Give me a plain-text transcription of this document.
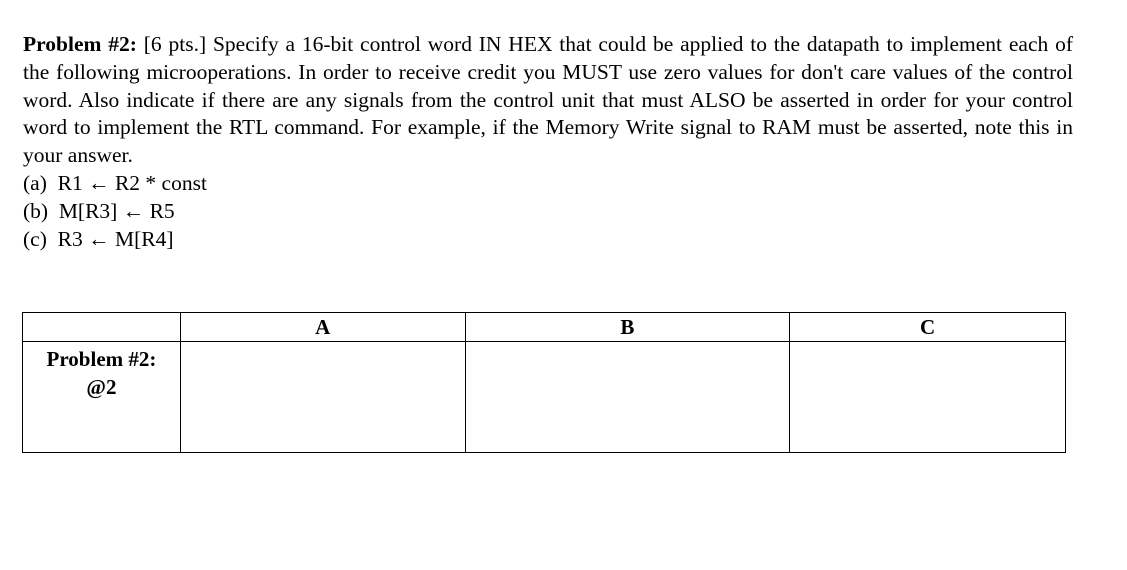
Problem #2: [6 pts.] Specify a 16-bit control word IN HEX that could be applied to the datapath to implement each of the following microoperations. In order to receive credit you MUST use zero values for don't care values of the control word. Also indicate if there are any signals from the control unit that must ALSO be asserted in order for your control word to implement the RTL command. For example, if the Memory Write signal to RAM must be asserted, note this in your answer.

(a)  R1 ← R2 * const
(b)  M[R3] ← R5
(c)  R3 ← M[R4]
	A	B	C

Problem #2:
@2			
